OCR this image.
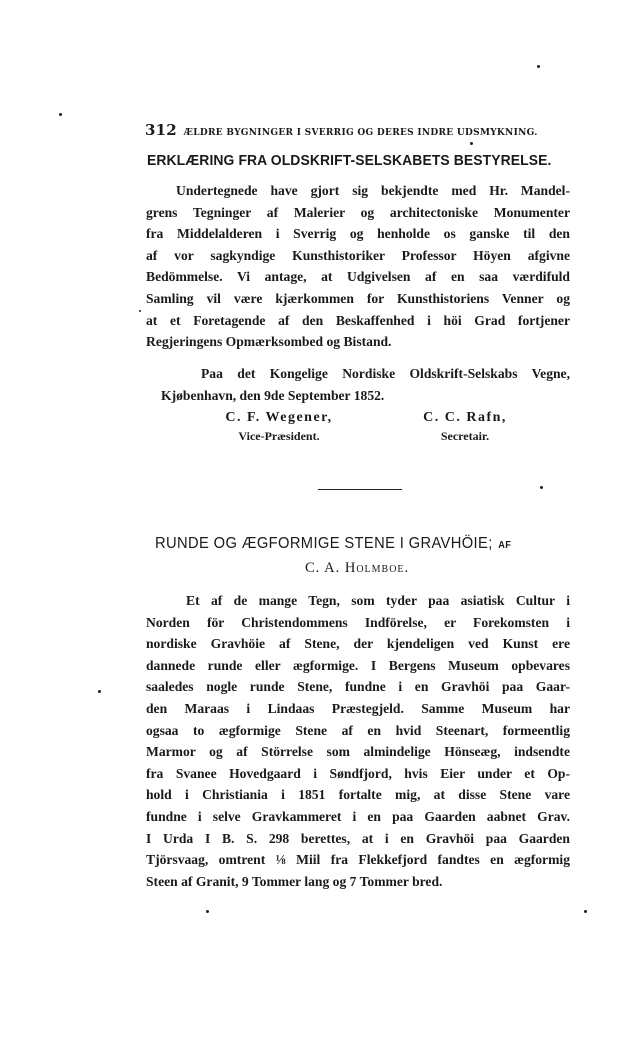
312 ÆLDRE BYGNINGER I SVERRIG OG DERES INDRE UDSMYKNING.
ERKLÆRING FRA OLDSKRIFT-SELSKABETS BESTYRELSE.
Undertegnede have gjort sig bekjendte med Hr. Mandel-
grens Tegninger af Malerier og architectoniske Monumenter
fra Middelalderen i Sverrig og henholde os ganske til den
af vor sagkyndige Kunsthistoriker Professor Höyen afgivne
Bedömmelse. Vi antage, at Udgivelsen af en saa værdifuld
Samling vil være kjærkommen for Kunsthistoriens Venner og
at et Foretagende af den Beskaffenhed i höi Grad fortjener
Regjeringens Opmærksombed og Bistand.
Paa det Kongelige Nordiske Oldskrift-Selskabs Vegne,
Kjøbenhavn, den 9de September 1852.
C. F. Wegener,
Vice-Præsident.
C. C. Rafn,
Secretair.
RUNDE OG ÆGFORMIGE STENE I GRAVHÖIE; AF
C. A. Holmboe.
Et af de mange Tegn, som tyder paa asiatisk Cultur i
Norden för Christendommens Indförelse, er Forekomsten i
nordiske Gravhöie af Stene, der kjendeligen ved Kunst ere
dannede runde eller ægformige. I Bergens Museum opbevares
saaledes nogle runde Stene, fundne i en Gravhöi paa Gaar-
den Maraas i Lindaas Præstegjeld. Samme Museum har
ogsaa to ægformige Stene af en hvid Steenart, formeentlig
Marmor og af Störrelse som almindelige Hönseæg, indsendte
fra Svanee Hovedgaard i Søndfjord, hvis Eier under et Op-
hold i Christiania i 1851 fortalte mig, at disse Stene vare
fundne i selve Gravkammeret i en paa Gaarden aabnet Grav.
I Urda I B. S. 298 berettes, at i en Gravhöi paa Gaarden
Tjörsvaag, omtrent ⅛ Miil fra Flekkefjord fandtes en ægformig
Steen af Granit, 9 Tommer lang og 7 Tommer bred.
